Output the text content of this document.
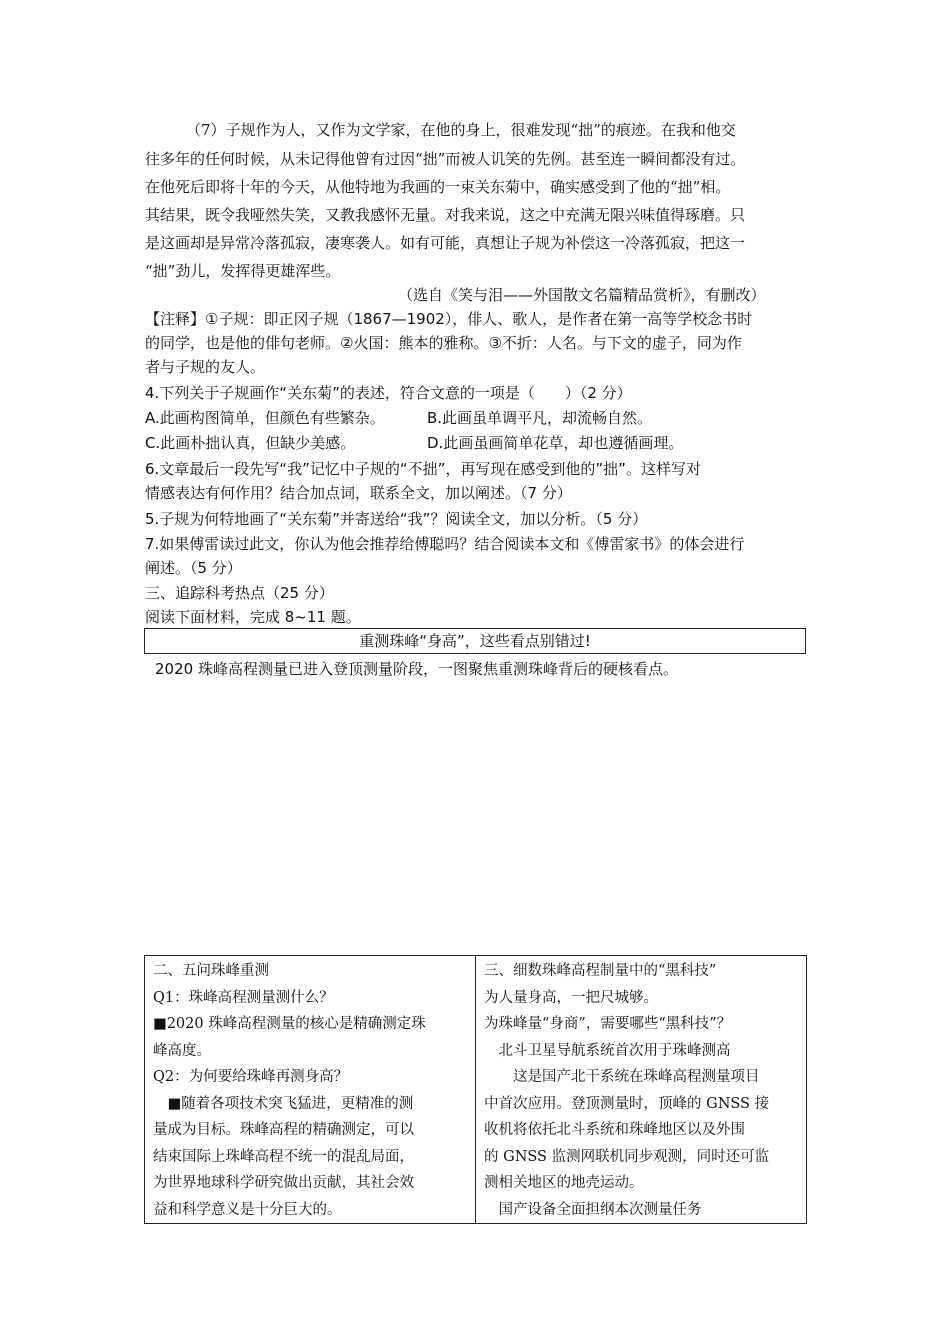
（7）子规作为人，又作为文学家，在他的身上，很难发现“拙”的痕迹。在我和他交
往多年的任何时候，从未记得他曾有过因“拙”而被人讥笑的先例。甚至连一瞬间都没有过。
在他死后即将十年的今天，从他特地为我画的一束关东菊中，确实感受到了他的“拙”相。
其结果，既令我哑然失笑，又教我感怀无量。对我来说，这之中充满无限兴味值得琢磨。只
是这画却是异常冷落孤寂，凄寒袭人。如有可能，真想让子规为补偿这一冷落孤寂，把这一
“拙”劲儿，发挥得更雄浑些。
（选自《笑与泪——外国散文名篇精品赏析》，有删改）
【注释】①子规：即正冈子规（1867—1902），俳人、歌人，是作者在第一高等学校念书时
的同学，也是他的俳句老师。②火国：熊本的雅称。③不折：人名。与下文的虚子，同为作
者与子规的友人。
4.下列关于子规画作“关东菊”的表述，符合文意的一项是（　　）（2 分）
A.此画构图简单，但颜色有些繁杂。	B.此画虽单调平凡，却流畅自然。
C.此画朴拙认真，但缺少美感。	D.此画虽画简单花草，却也遵循画理。
6.文章最后一段先写“我”记忆中子规的“不拙”，再写现在感受到他的”拙”。这样写对
情感表达有何作用？结合加点词，联系全文，加以阐述。（7 分）
5.子规为何特地画了“关东菊”并寄送给“我”？阅读全文，加以分析。（5 分）
7.如果傅雷读过此文，你认为他会推荐给傅聪吗？结合阅读本文和《傅雷家书》的体会进行
阐述。（5 分）
三、追踪科考热点（25 分）
阅读下面材料，完成 8~11 题。
重测珠峰“身高”，这些看点别错过!
2020 珠峰高程测量已进入登顶测量阶段，一图聚焦重测珠峰背后的硬核看点。
二、五问珠峰重测
Q1：珠峰高程测量测什么？
■2020 珠峰高程测量的核心是精确测定珠
峰高度。
Q2：为何要给珠峰再测身高？
　■随着各项技术突飞猛进，更精准的测
量成为目标。珠峰高程的精确测定，可以
结束国际上珠峰高程不统一的混乱局面，
为世界地球科学研究做出贡献，其社会效
益和科学意义是十分巨大的。

三、细数珠峰高程制量中的“黑科技”
为人量身高，一把尺城够。
为珠峰量“身商”，需要哪些“黑科技”？
　北斗卫星导航系统首次用于珠峰测高
　　这是国产北干系统在珠峰高程测量项目
中首次应用。登顶测量时，顶峰的 GNSS 接
收机将依托北斗系统和珠峰地区以及外围
的 GNSS 监测网联机同步观测，同时还可监
测相关地区的地壳运动。
　国产设备全面担纲本次测量任务
